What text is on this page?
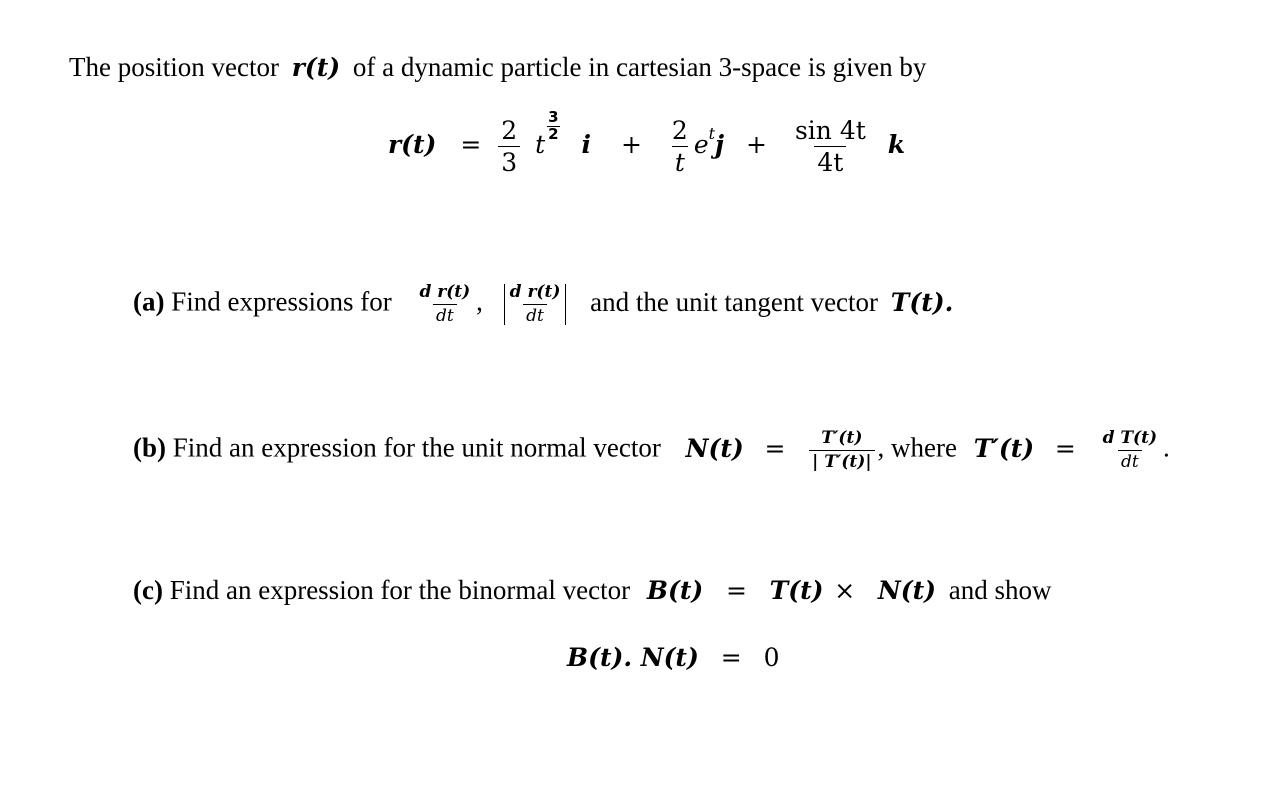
The position vector r(t) of a dynamic particle in cartesian 3-space is given by
$r(t) = \frac{2}{3}$ t
$\frac{3}{2}$
$i + \frac{2}{t} e^tj + \frac{\sin 4t}{4t}$ k
(a) Find expressions for $\frac{\text{d r(t)}}{dt}$ , $\frac{\text{d r(t)}}{dt}$ and the unit tangent vector T(t).
(b) Find an expression for the unit normal vector $N(t) = \frac{T'(t)}{| T'(t)|}$ , where $T'(t) = \frac{\text{d T(t)}}{dt}$ .
(c) Find an expression for the binormal vector B(t) = T(t) × N(t) and show
B(t). N(t) = 0
